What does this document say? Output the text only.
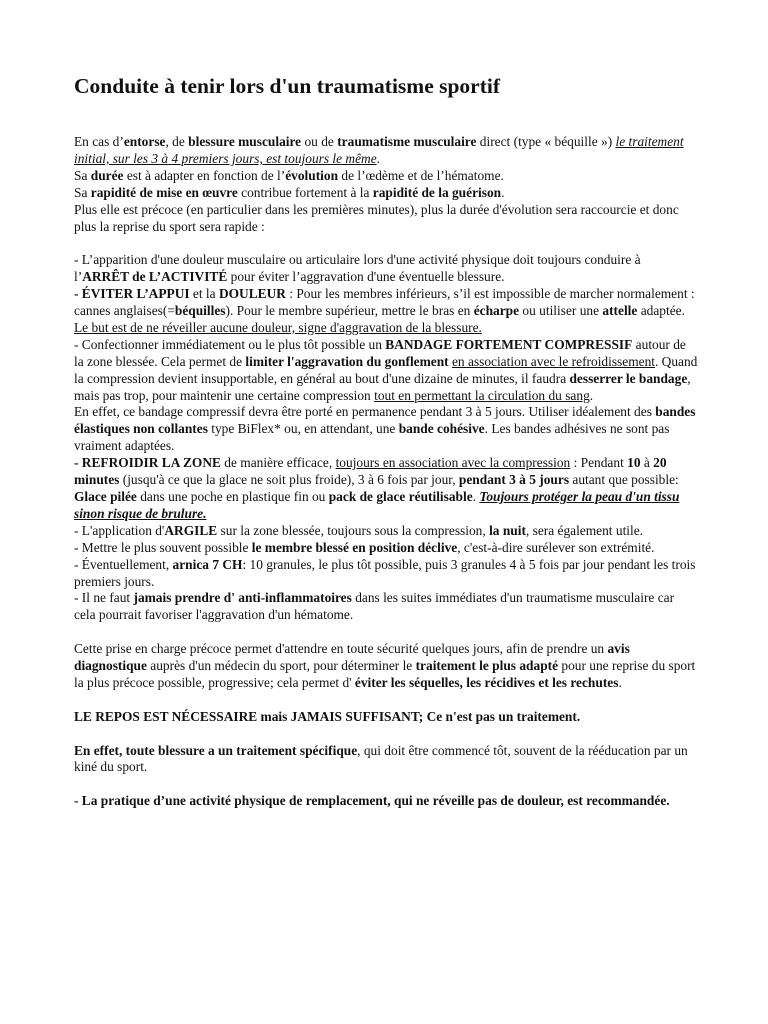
Conduite à tenir lors d'un traumatisme sportif

En cas d’entorse, de blessure musculaire ou de traumatisme musculaire direct (type « béquille ») le traitement initial, sur les 3 à 4 premiers jours, est toujours le même.

Sa durée est à adapter en fonction de l’évolution de l’œdème et de l’hématome.

Sa rapidité de mise en œuvre contribue fortement à la rapidité de la guérison.

Plus elle est précoce (en particulier dans les premières minutes), plus la durée d'évolution sera raccourcie et donc plus la reprise du sport sera rapide :

- L’apparition d'une douleur musculaire ou articulaire lors d'une activité physique doit toujours conduire à l’ARRÊT de L’ACTIVITÉ pour éviter l’aggravation d'une éventuelle blessure.

- ÉVITER L’APPUI et la DOULEUR : Pour les membres inférieurs, s’il est impossible de marcher normalement : cannes anglaises(=béquilles). Pour le membre supérieur, mettre le bras en écharpe ou utiliser une attelle adaptée. Le but est de ne réveiller aucune douleur, signe d'aggravation de la blessure.

- Confectionner immédiatement ou le plus tôt possible un BANDAGE FORTEMENT COMPRESSIF autour de la zone blessée. Cela permet de limiter l'aggravation du gonflement en association avec le refroidissement. Quand la compression devient insupportable, en général au bout d'une dizaine de minutes, il faudra desserrer le bandage, mais pas trop, pour maintenir une certaine compression tout en permettant la circulation du sang.

En effet, ce bandage compressif devra être porté en permanence pendant 3 à 5 jours. Utiliser idéalement des bandes élastiques non collantes type BiFlex* ou, en attendant, une bande cohésive. Les bandes adhésives ne sont pas vraiment adaptées.

- REFROIDIR LA ZONE de manière efficace, toujours en association avec la compression : Pendant 10 à 20 minutes (jusqu'à ce que la glace ne soit plus froide), 3 à 6 fois par jour, pendant 3 à 5 jours autant que possible: Glace pilée dans une poche en plastique fin ou pack de glace réutilisable. Toujours protéger la peau d'un tissu sinon risque de brulure.

- L'application d'ARGILE sur la zone blessée, toujours sous la compression, la nuit, sera également utile.

- Mettre le plus souvent possible le membre blessé en position déclive, c'est-à-dire surélever son extrémité.

- Éventuellement, arnica 7 CH: 10 granules, le plus tôt possible, puis 3 granules 4 à 5 fois par jour pendant les trois premiers jours.

- Il ne faut jamais prendre d' anti-inflammatoires dans les suites immédiates d'un traumatisme musculaire car cela pourrait favoriser l'aggravation d'un hématome.

Cette prise en charge précoce permet d'attendre en toute sécurité quelques jours, afin de prendre un avis diagnostique auprès d'un médecin du sport, pour déterminer le traitement le plus adapté pour une reprise du sport la plus précoce possible, progressive; cela permet d' éviter les séquelles, les récidives et les rechutes.

LE REPOS EST NÉCESSAIRE mais JAMAIS SUFFISANT; Ce n'est pas un traitement.

En effet, toute blessure a un traitement spécifique, qui doit être commencé tôt, souvent de la rééducation par un kiné du sport.

- La pratique d’une activité physique de remplacement, qui ne réveille pas de douleur, est recommandée.
